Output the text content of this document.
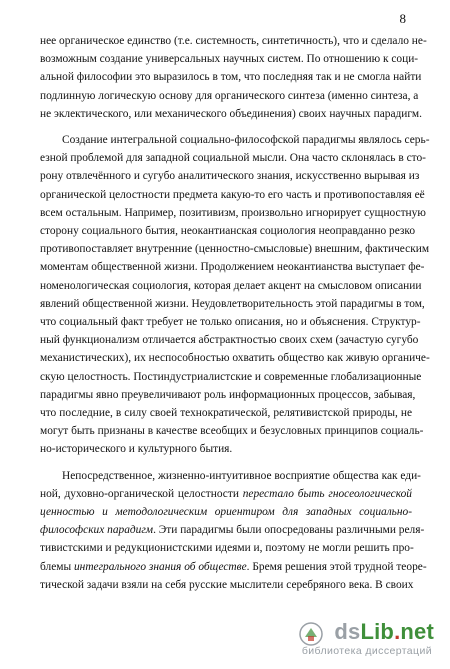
8
нее органическое единство (т.е. системность, синтетичность), что и сделало не-
возможным создание универсальных научных систем. По отношению к соци-
альной философии это выразилось в том, что последняя так и не смогла найти
подлинную логическую основу для органического синтеза (именно синтеза, а
не эклектического, или механического объединения) своих научных парадигм.
Создание интегральной социально-философской парадигмы являлось серь-
езной проблемой для западной социальной мысли. Она часто склонялась в сто-
рону отвлечённого и сугубо аналитического знания, искусственно вырывая из
органической целостности предмета какую-то его часть и противопоставляя её
всем остальным. Например, позитивизм, произвольно игнорирует сущностную
сторону социального бытия, неокантианская социология неоправданно резко
противопоставляет внутренние (ценностно-смысловые) внешним, фактическим
моментам общественной жизни. Продолжением неокантианства выступает фе-
номенологическая социология, которая делает акцент на смысловом описании
явлений общественной жизни. Неудовлетворительность этой парадигмы в том,
что социальный факт требует не только описания, но и объяснения. Структур-
ный функционализм отличается абстрактностью своих схем (зачастую сугубо
механистических), их неспособностью охватить общество как живую органиче-
скую целостность. Постиндустриалистские и современные глобализационные
парадигмы явно преувеличивают роль информационных процессов, забывая,
что последние, в силу своей технократической, релятивистской природы, не
могут быть признаны в качестве всеобщих и безусловных принципов социаль-
но-исторического и культурного бытия.
Непосредственное, жизненно-интуитивное восприятие общества как еди-
ной, духовно-органической целостности перестало быть гносеологической
ценностью и методологическим ориентиром для западных социально-
философских парадигм. Эти парадигмы были опосредованы различными реля-
тивистскими и редукционистскими идеями и, поэтому не могли решить про-
блемы интегрального знания об обществе. Бремя решения этой трудной теоре-
тической задачи взяли на себя русские мыслители серебряного века. В своих
dsLib.net
библиотека диссертаций
